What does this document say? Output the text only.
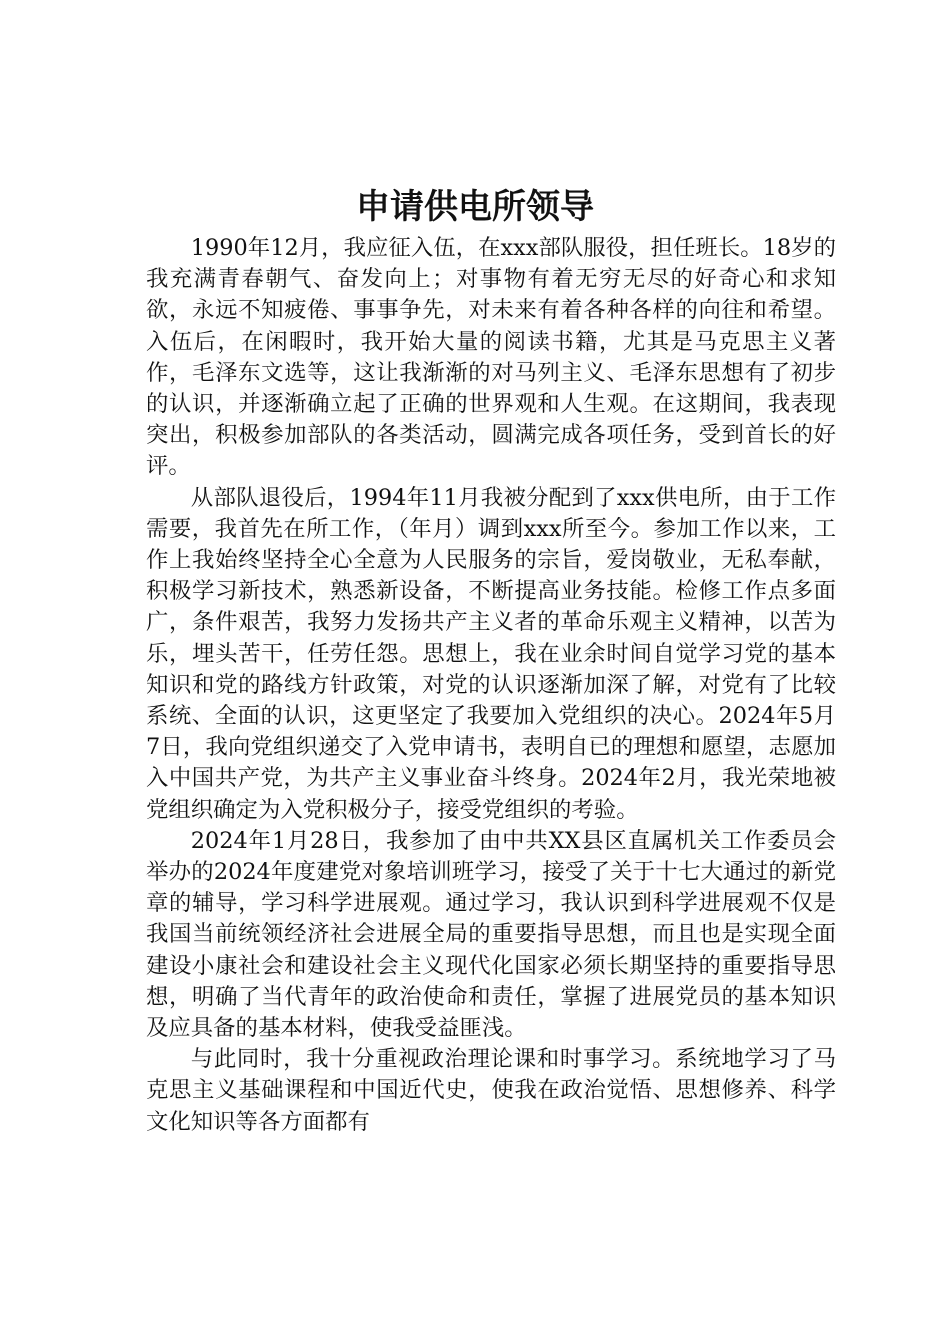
申请供电所领导

1990年12月，我应征入伍，在xxx部队服役，担任班长。18岁的我充满青春朝气、奋发向上；对事物有着无穷无尽的好奇心和求知欲，永远不知疲倦、事事争先，对未来有着各种各样的向往和希望。入伍后，在闲暇时，我开始大量的阅读书籍，尤其是马克思主义著作，毛泽东文选等，这让我渐渐的对马列主义、毛泽东思想有了初步的认识，并逐渐确立起了正确的世界观和人生观。在这期间，我表现突出，积极参加部队的各类活动，圆满完成各项任务，受到首长的好评。

从部队退役后，1994年11月我被分配到了xxx供电所，由于工作需要，我首先在所工作，（年月）调到xxx所至今。参加工作以来，工作上我始终坚持全心全意为人民服务的宗旨，爱岗敬业，无私奉献，积极学习新技术，熟悉新设备，不断提高业务技能。检修工作点多面广，条件艰苦，我努力发扬共产主义者的革命乐观主义精神，以苦为乐，埋头苦干，任劳任怨。思想上，我在业余时间自觉学习党的基本知识和党的路线方针政策，对党的认识逐渐加深了解，对党有了比较系统、全面的认识，这更坚定了我要加入党组织的决心。2024年5月7日，我向党组织递交了入党申请书，表明自已的理想和愿望，志愿加入中国共产党，为共产主义事业奋斗终身。2024年2月，我光荣地被党组织确定为入党积极分子，接受党组织的考验。

2024年1月28日，我参加了由中共XX县区直属机关工作委员会举办的2024年度建党对象培训班学习，接受了关于十七大通过的新党章的辅导，学习科学进展观。通过学习，我认识到科学进展观不仅是我国当前统领经济社会进展全局的重要指导思想，而且也是实现全面建设小康社会和建设社会主义现代化国家必须长期坚持的重要指导思想，明确了当代青年的政治使命和责任，掌握了进展党员的基本知识及应具备的基本材料，使我受益匪浅。

与此同时，我十分重视政治理论课和时事学习。系统地学习了马克思主义基础课程和中国近代史，使我在政治觉悟、思想修养、科学文化知识等各方面都有
